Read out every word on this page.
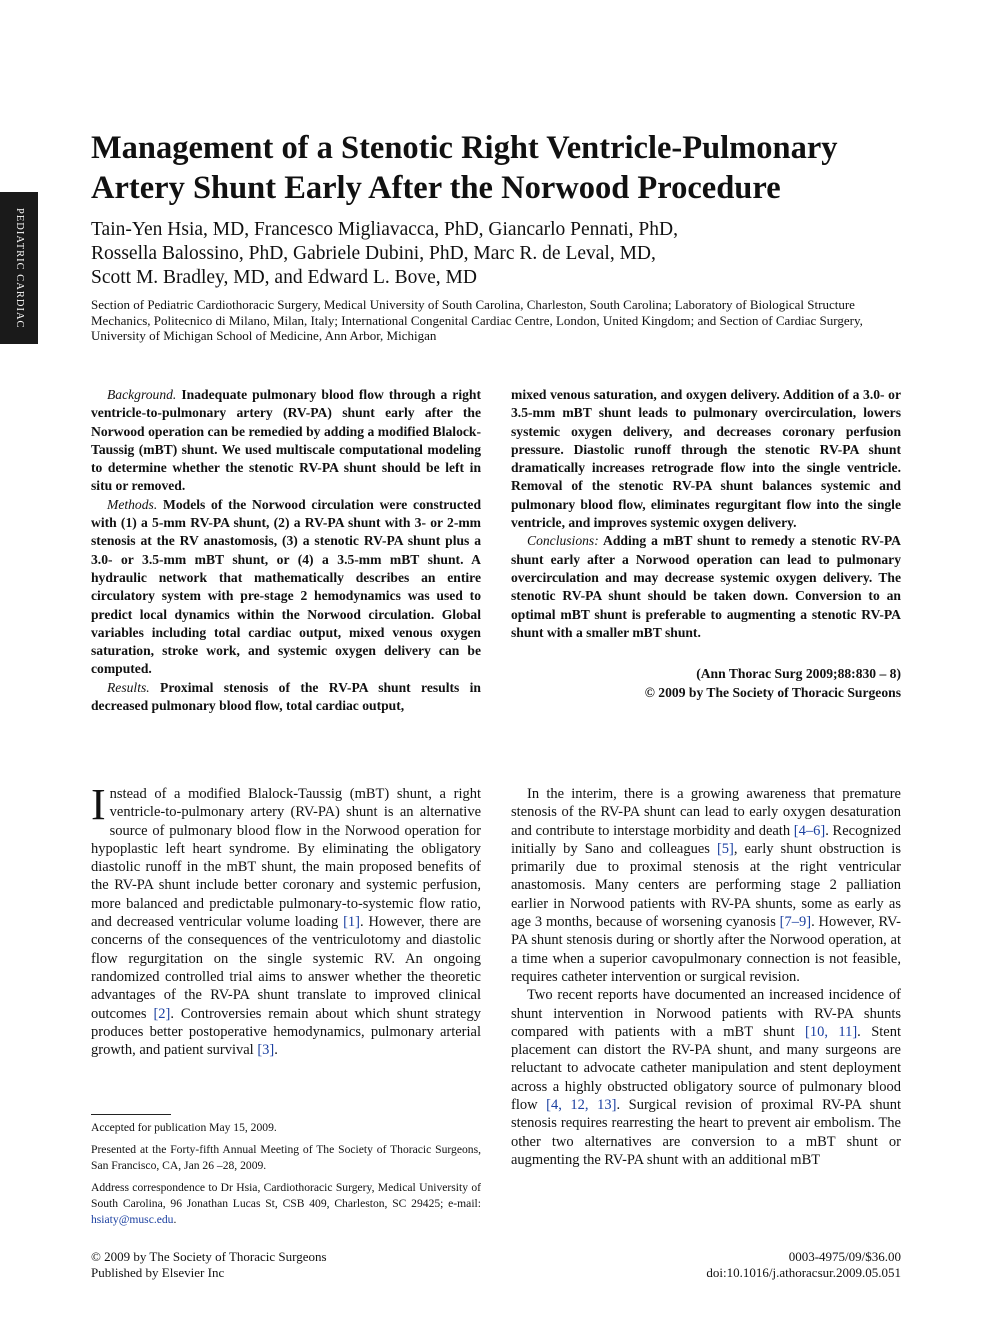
PEDIATRIC CARDIAC
Management of a Stenotic Right Ventricle-Pulmonary Artery Shunt Early After the Norwood Procedure
Tain-Yen Hsia, MD, Francesco Migliavacca, PhD, Giancarlo Pennati, PhD,
Rossella Balossino, PhD, Gabriele Dubini, PhD, Marc R. de Leval, MD,
Scott M. Bradley, MD, and Edward L. Bove, MD
Section of Pediatric Cardiothoracic Surgery, Medical University of South Carolina, Charleston, South Carolina; Laboratory of Biological Structure Mechanics, Politecnico di Milano, Milan, Italy; International Congenital Cardiac Centre, London, United Kingdom; and Section of Cardiac Surgery, University of Michigan School of Medicine, Ann Arbor, Michigan

Background. Inadequate pulmonary blood flow through a right ventricle-to-pulmonary artery (RV-PA) shunt early after the Norwood operation can be remedied by adding a modified Blalock-Taussig (mBT) shunt. We used multiscale computational modeling to determine whether the stenotic RV-PA shunt should be left in situ or removed.

Methods. Models of the Norwood circulation were constructed with (1) a 5-mm RV-PA shunt, (2) a RV-PA shunt with 3- or 2-mm stenosis at the RV anastomosis, (3) a stenotic RV-PA shunt plus a 3.0- or 3.5-mm mBT shunt, or (4) a 3.5-mm mBT shunt. A hydraulic network that mathematically describes an entire circulatory system with pre-stage 2 hemodynamics was used to predict local dynamics within the Norwood circulation. Global variables including total cardiac output, mixed venous oxygen saturation, stroke work, and systemic oxygen delivery can be computed.

Results. Proximal stenosis of the RV-PA shunt results in decreased pulmonary blood flow, total cardiac output,

mixed venous saturation, and oxygen delivery. Addition of a 3.0- or 3.5-mm mBT shunt leads to pulmonary overcirculation, lowers systemic oxygen delivery, and decreases coronary perfusion pressure. Diastolic runoff through the stenotic RV-PA shunt dramatically increases retrograde flow into the single ventricle. Removal of the stenotic RV-PA shunt balances systemic and pulmonary blood flow, eliminates regurgitant flow into the single ventricle, and improves systemic oxygen delivery.

Conclusions: Adding a mBT shunt to remedy a stenotic RV-PA shunt early after a Norwood operation can lead to pulmonary overcirculation and may decrease systemic oxygen delivery. The stenotic RV-PA shunt should be taken down. Conversion to an optimal mBT shunt is preferable to augmenting a stenotic RV-PA shunt with a smaller mBT shunt.

(Ann Thorac Surg 2009;88:830 – 8)
© 2009 by The Society of Thoracic Surgeons

Instead of a modified Blalock-Taussig (mBT) shunt, a right ventricle-to-pulmonary artery (RV-PA) shunt is an alternative source of pulmonary blood flow in the Norwood operation for hypoplastic left heart syndrome. By eliminating the obligatory diastolic runoff in the mBT shunt, the main proposed benefits of the RV-PA shunt include better coronary and systemic perfusion, more balanced and predictable pulmonary-to-systemic flow ratio, and decreased ventricular volume loading [1]. However, there are concerns of the consequences of the ventriculotomy and diastolic flow regurgitation on the single systemic RV. An ongoing randomized controlled trial aims to answer whether the theoretic advantages of the RV-PA shunt translate to improved clinical outcomes [2]. Controversies remain about which shunt strategy produces better postoperative hemodynamics, pulmonary arterial growth, and patient survival [3].

In the interim, there is a growing awareness that premature stenosis of the RV-PA shunt can lead to early oxygen desaturation and contribute to interstage morbidity and death [4–6]. Recognized initially by Sano and colleagues [5], early shunt obstruction is primarily due to proximal stenosis at the right ventricular anastomosis. Many centers are performing stage 2 palliation earlier in Norwood patients with RV-PA shunts, some as early as age 3 months, because of worsening cyanosis [7–9]. However, RV-PA shunt stenosis during or shortly after the Norwood operation, at a time when a superior cavopulmonary connection is not feasible, requires catheter intervention or surgical revision.

Two recent reports have documented an increased incidence of shunt intervention in Norwood patients with RV-PA shunts compared with patients with a mBT shunt [10, 11]. Stent placement can distort the RV-PA shunt, and many surgeons are reluctant to advocate catheter manipulation and stent deployment across a highly obstructed obligatory source of pulmonary blood flow [4, 12, 13]. Surgical revision of proximal RV-PA shunt stenosis requires rearresting the heart to prevent air embolism. The other two alternatives are conversion to a mBT shunt or augmenting the RV-PA shunt with an additional mBT

Accepted for publication May 15, 2009.

Presented at the Forty-fifth Annual Meeting of The Society of Thoracic Surgeons, San Francisco, CA, Jan 26 –28, 2009.

Address correspondence to Dr Hsia, Cardiothoracic Surgery, Medical University of South Carolina, 96 Jonathan Lucas St, CSB 409, Charleston, SC 29425; e-mail: hsiaty@musc.edu.

© 2009 by The Society of Thoracic Surgeons
Published by Elsevier Inc
0003-4975/09/$36.00
doi:10.1016/j.athoracsur.2009.05.051
